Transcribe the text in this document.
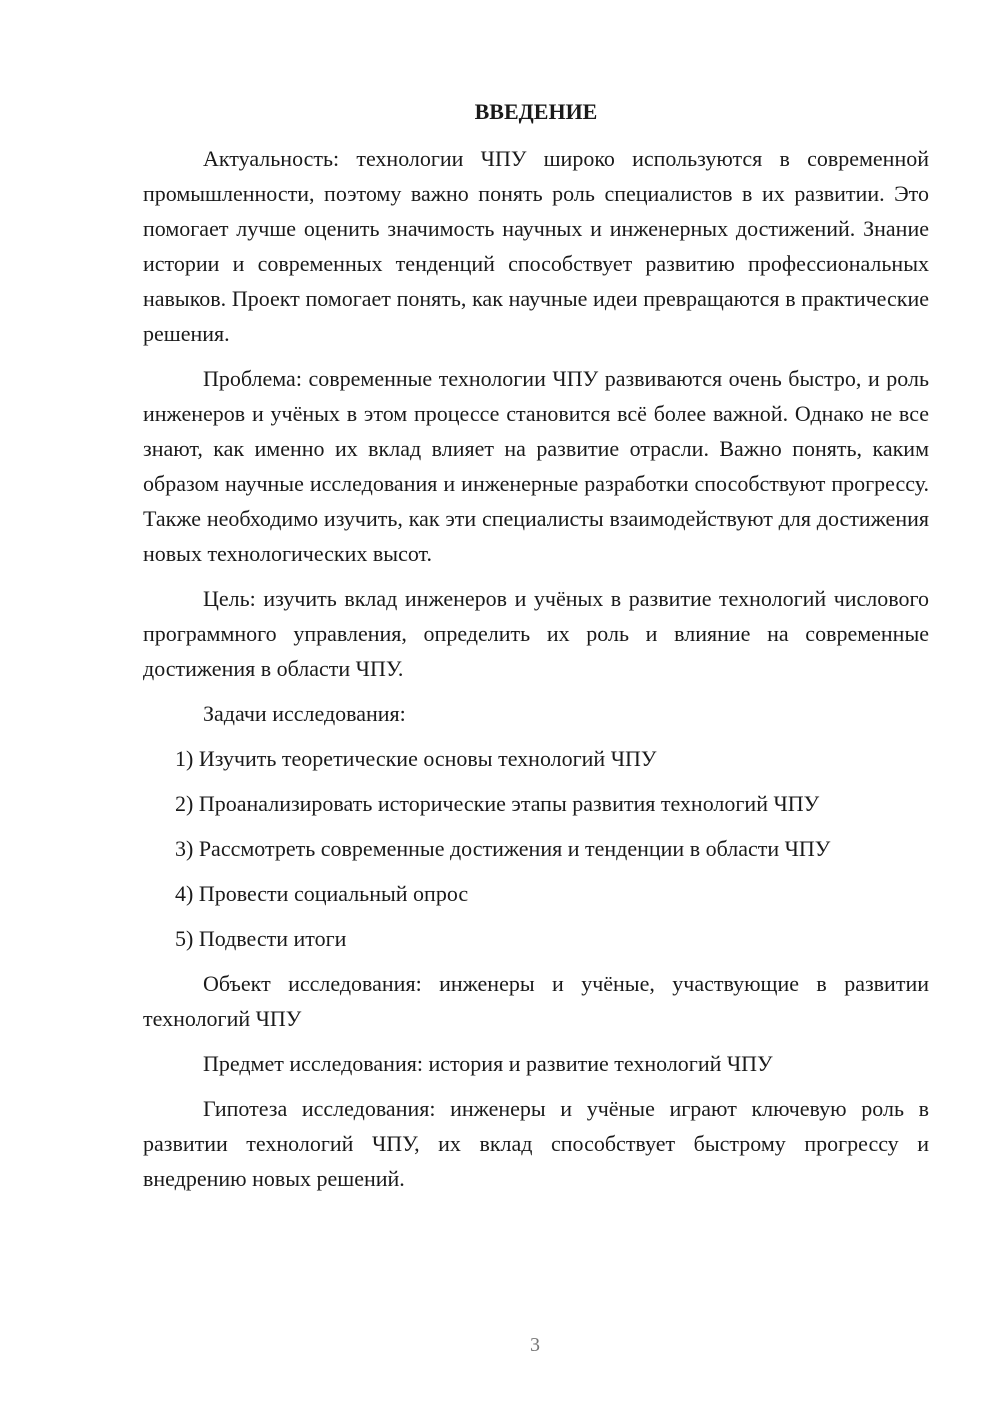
ВВЕДЕНИЕ

Актуальность: технологии ЧПУ широко используются в современной промышленности, поэтому важно понять роль специалистов в их развитии. Это помогает лучше оценить значимость научных и инженерных достижений. Знание истории и современных тенденций способствует развитию профессиональных навыков. Проект помогает понять, как научные идеи превращаются в практические решения.

Проблема: современные технологии ЧПУ развиваются очень быстро, и роль инженеров и учёных в этом процессе становится всё более важной. Однако не все знают, как именно их вклад влияет на развитие отрасли. Важно понять, каким образом научные исследования и инженерные разработки способствуют прогрессу. Также необходимо изучить, как эти специалисты взаимодействуют для достижения новых технологических высот.

Цель: изучить вклад инженеров и учёных в развитие технологий числового программного управления, определить их роль и влияние на современные достижения в области ЧПУ.

Задачи исследования:

1) Изучить теоретические основы технологий ЧПУ
2) Проанализировать исторические этапы развития технологий ЧПУ
3) Рассмотреть современные достижения и тенденции в области ЧПУ
4) Провести социальный опрос
5) Подвести итоги

Объект исследования: инженеры и учёные, участвующие в развитии технологий ЧПУ

Предмет исследования: история и развитие технологий ЧПУ

Гипотеза исследования: инженеры и учёные играют ключевую роль в развитии технологий ЧПУ, их вклад способствует быстрому прогрессу и внедрению новых решений.

3
